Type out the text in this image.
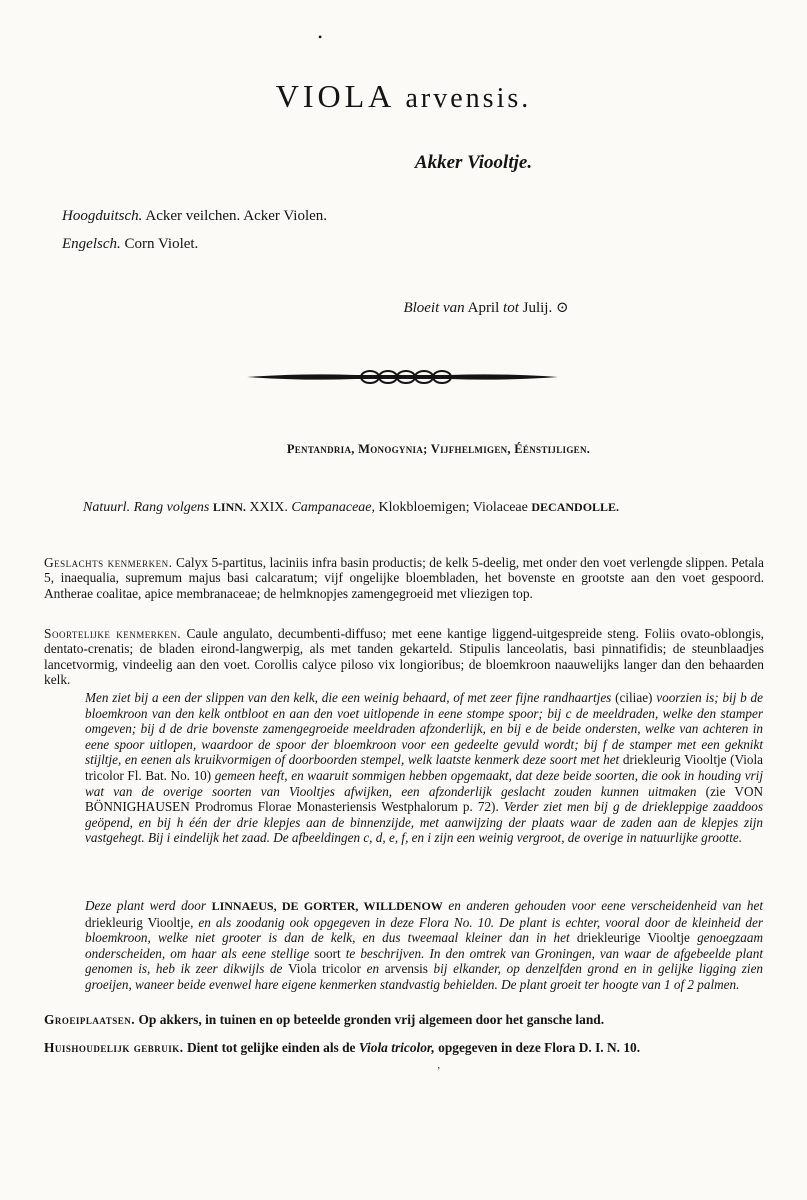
•
VIOLA arvensis.
Akker Viooltje.
Hoogduitsch. Acker veilchen. Acker Violen.
Engelsch. Corn Violet.
Bloeit van April tot Julij. ⊙
Pentandria, Monogynia; Vijfhelmigen, Éénstijligen.
Natuurl. Rang volgens LINN. XXIX. Campanaceae, Klokbloemigen; Violaceae DECANDOLLE.
Geslachts kenmerken. Calyx 5-partitus, laciniis infra basin productis; de kelk 5-deelig, met onder den voet verlengde slippen. Petala 5, inaequalia, supremum majus basi calcaratum; vijf ongelijke bloembladen, het bovenste en grootste aan den voet gespoord. Antherae coalitae, apice membranaceae; de helmknopjes zamengegroeid met vliezigen top.
Soortelijke kenmerken. Caule angulato, decumbenti-diffuso; met eene kantige liggend-uitgespreide steng. Foliis ovato-oblongis, dentato-crenatis; de bladen eirond-langwerpig, als met tanden gekarteld. Stipulis lanceolatis, basi pinnatifidis; de steunblaadjes lancetvormig, vindeelig aan den voet. Corollis calyce piloso vix longioribus; de bloemkroon naauwelijks langer dan den behaarden kelk.
Men ziet bij a een der slippen van den kelk, die een weinig behaard, of met zeer fijne randhaartjes (ciliae) voorzien is; bij b de bloemkroon van den kelk ontbloot en aan den voet uitlopende in eene stompe spoor; bij c de meeldraden, welke den stamper omgeven; bij d de drie bovenste zamengegroeide meeldraden afzonderlijk, en bij e de beide ondersten, welke van achteren in eene spoor uitlopen, waardoor de spoor der bloemkroon voor een gedeelte gevuld wordt; bij f de stamper met een geknikt stijltje, en eenen als kruikvormigen of doorboorden stempel, welk laatste kenmerk deze soort met het driekleurig Viooltje (Viola tricolor Fl. Bat. No. 10) gemeen heeft, en waaruit sommigen hebben opgemaakt, dat deze beide soorten, die ook in houding vrij wat van de overige soorten van Viooltjes afwijken, een afzonderlijk geslacht zouden kunnen uitmaken (zie VON BÖNNIGHAUSEN Prodromus Florae Monasteriensis Westphalorum p. 72). Verder ziet men bij g de driekleppige zaaddoos geöpend, en bij h één der drie klepjes aan de binnenzijde, met aanwijzing der plaats waar de zaden aan de klepjes zijn vastgehegt. Bij i eindelijk het zaad. De afbeeldingen c, d, e, f, en i zijn een weinig vergroot, de overige in natuurlijke grootte.
Deze plant werd door LINNAEUS, DE GORTER, WILLDENOW en anderen gehouden voor eene verscheidenheid van het driekleurig Viooltje, en als zoodanig ook opgegeven in deze Flora No. 10. De plant is echter, vooral door de kleinheid der bloemkroon, welke niet grooter is dan de kelk, en dus tweemaal kleiner dan in het driekleurige Viooltje genoegzaam onderscheiden, om haar als eene stellige soort te beschrijven. In den omtrek van Groningen, van waar de afgebeelde plant genomen is, heb ik zeer dikwijls de Viola tricolor en arvensis bij elkander, op denzelfden grond en in gelijke ligging zien groeijen, waneer beide evenwel hare eigene kenmerken standvastig behielden. De plant groeit ter hoogte van 1 of 2 palmen.
Groeiplaatsen. Op akkers, in tuinen en op beteelde gronden vrij algemeen door het gansche land.
Huishoudelijk gebruik. Dient tot gelijke einden als de Viola tricolor, opgegeven in deze Flora D. I. N. 10.
ʼ
